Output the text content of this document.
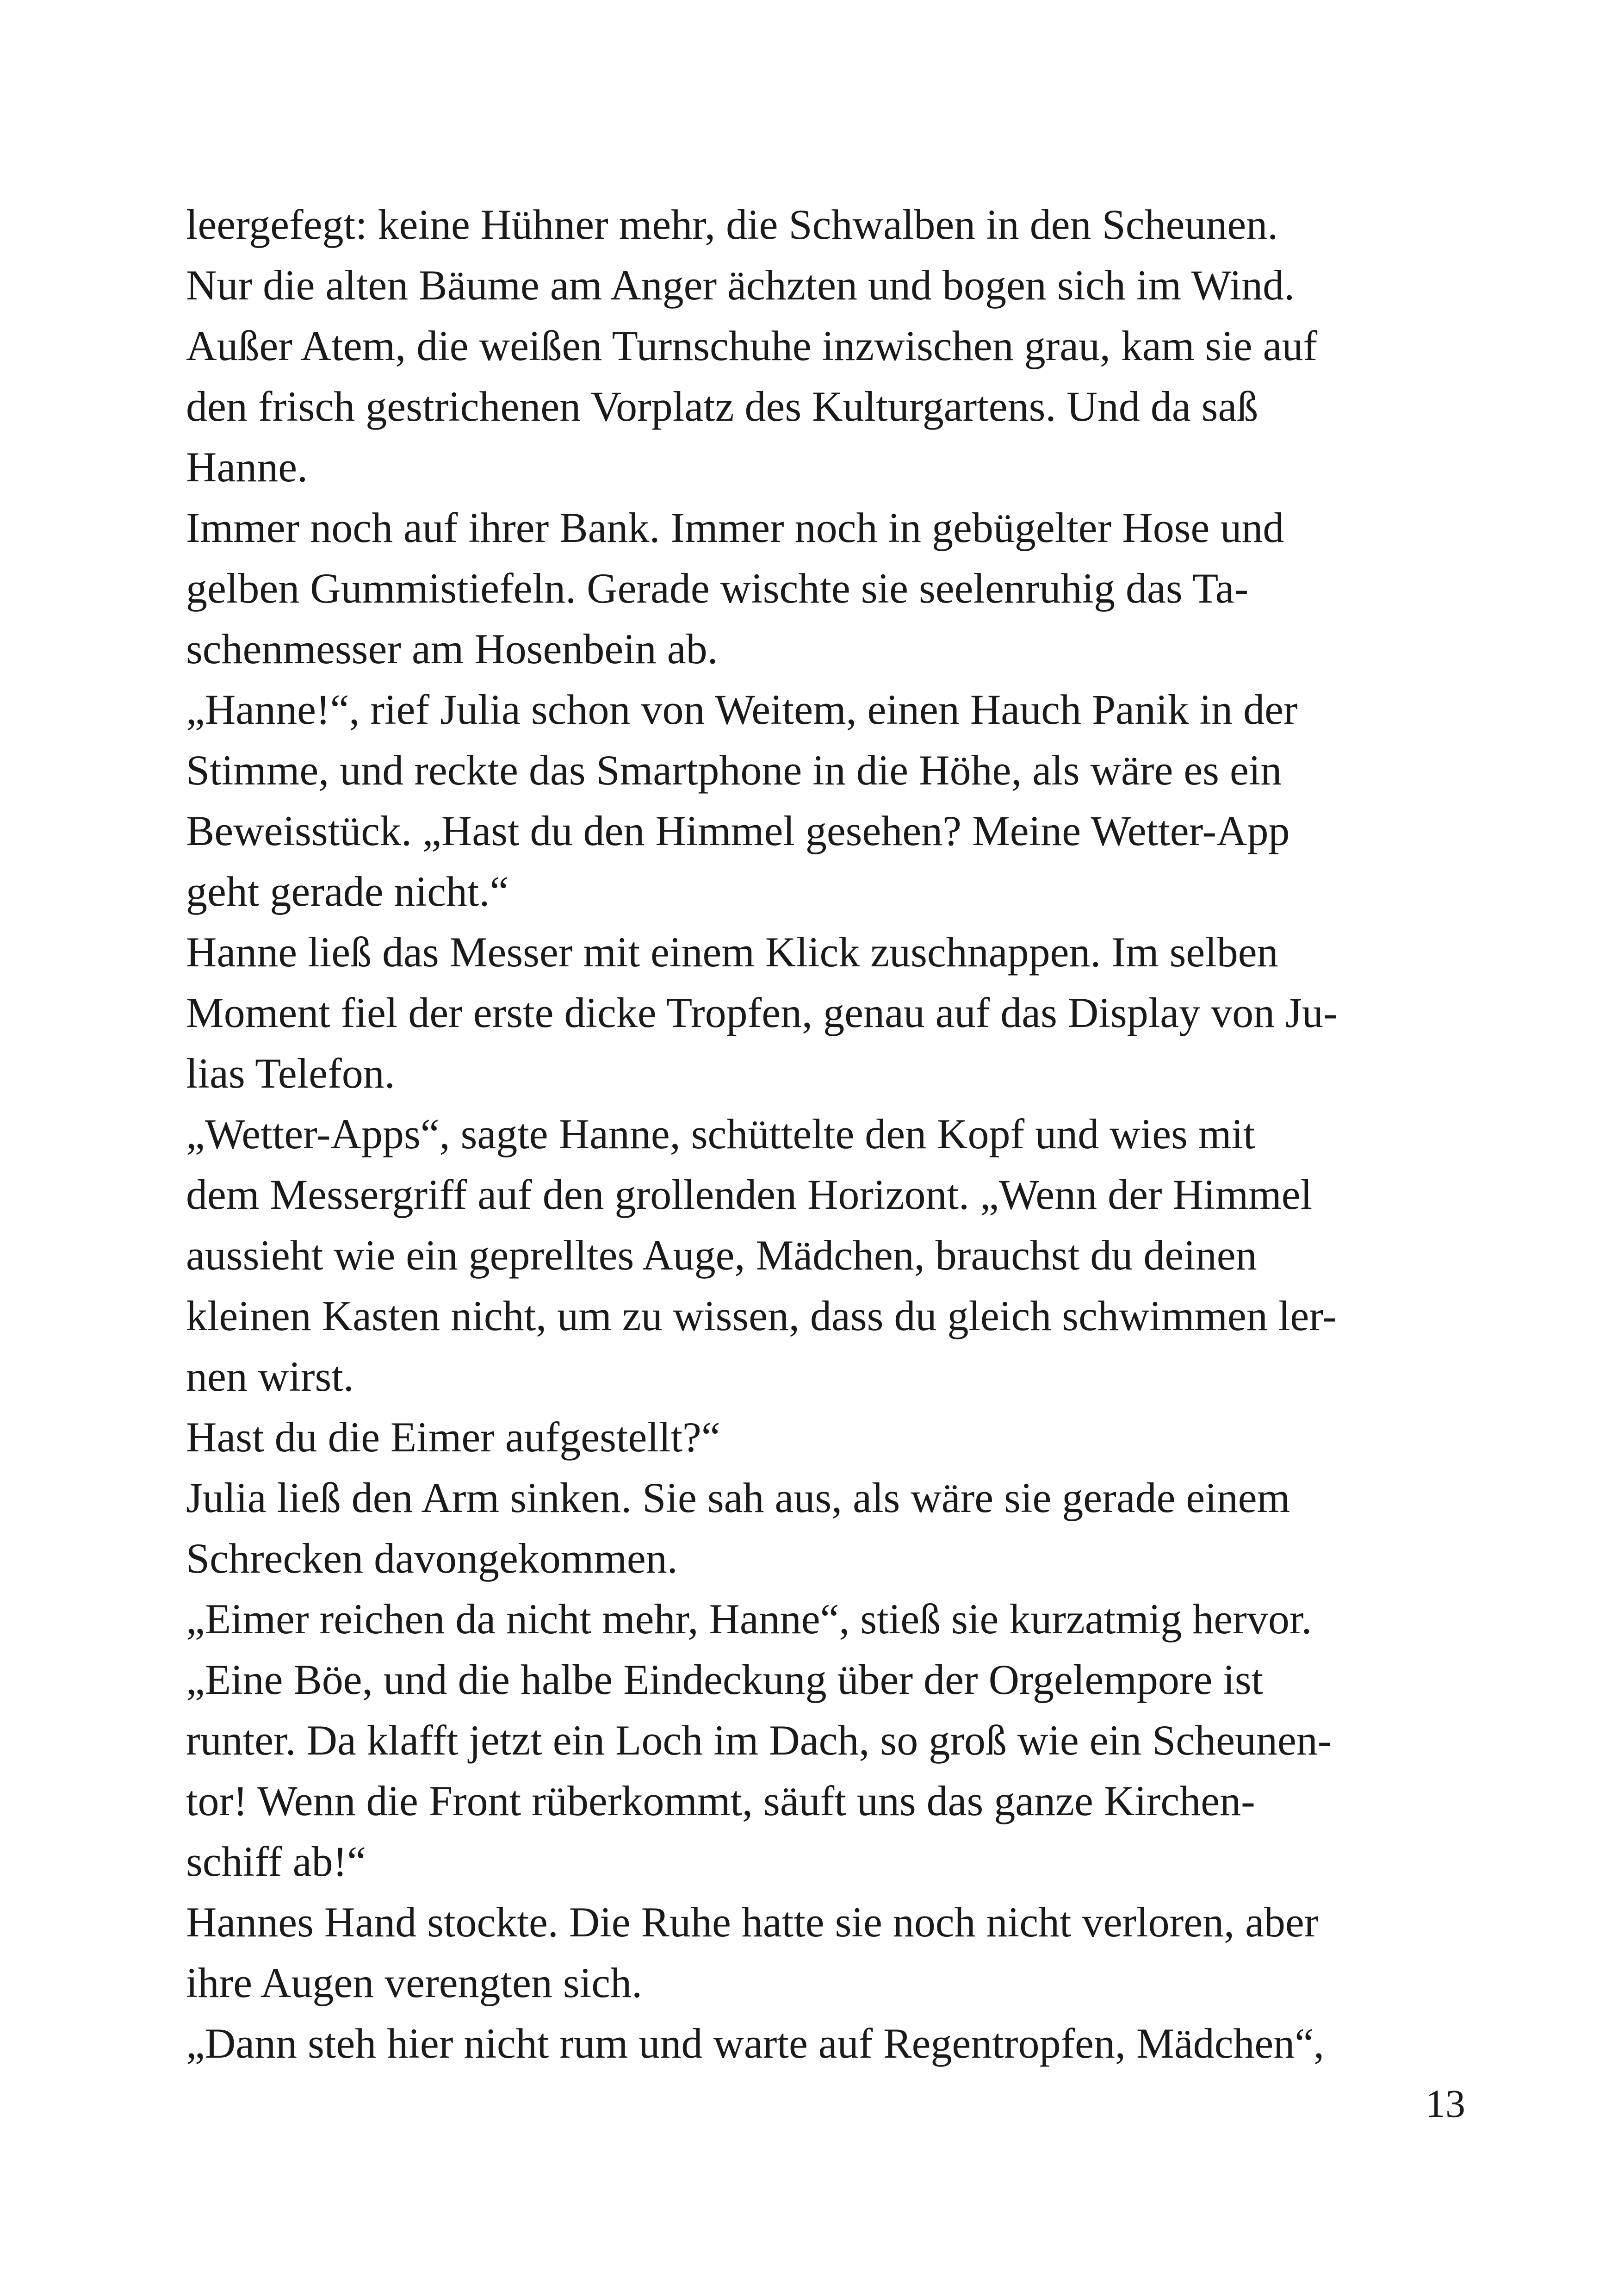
leergefegt: keine Hühner mehr, die Schwalben in den Scheunen.
Nur die alten Bäume am Anger ächzten und bogen sich im Wind.
Außer Atem, die weißen Turnschuhe inzwischen grau, kam sie auf
den frisch gestrichenen Vorplatz des Kulturgartens. Und da saß
Hanne.
Immer noch auf ihrer Bank. Immer noch in gebügelter Hose und
gelben Gummistiefeln. Gerade wischte sie seelenruhig das Ta-
schenmesser am Hosenbein ab.
„Hanne!“, rief Julia schon von Weitem, einen Hauch Panik in der
Stimme, und reckte das Smartphone in die Höhe, als wäre es ein
Beweisstück. „Hast du den Himmel gesehen? Meine Wetter-App
geht gerade nicht.“
Hanne ließ das Messer mit einem Klick zuschnappen. Im selben
Moment fiel der erste dicke Tropfen, genau auf das Display von Ju-
lias Telefon.
„Wetter-Apps“, sagte Hanne, schüttelte den Kopf und wies mit
dem Messergriff auf den grollenden Horizont. „Wenn der Himmel
aussieht wie ein geprelltes Auge, Mädchen, brauchst du deinen
kleinen Kasten nicht, um zu wissen, dass du gleich schwimmen ler-
nen wirst.
Hast du die Eimer aufgestellt?“
Julia ließ den Arm sinken. Sie sah aus, als wäre sie gerade einem
Schrecken davongekommen.
„Eimer reichen da nicht mehr, Hanne“, stieß sie kurzatmig hervor.
„Eine Böe, und die halbe Eindeckung über der Orgelempore ist
runter. Da klafft jetzt ein Loch im Dach, so groß wie ein Scheunen-
tor! Wenn die Front rüberkommt, säuft uns das ganze Kirchen-
schiff ab!“
Hannes Hand stockte. Die Ruhe hatte sie noch nicht verloren, aber
ihre Augen verengten sich.
„Dann steh hier nicht rum und warte auf Regentropfen, Mädchen“,
13
